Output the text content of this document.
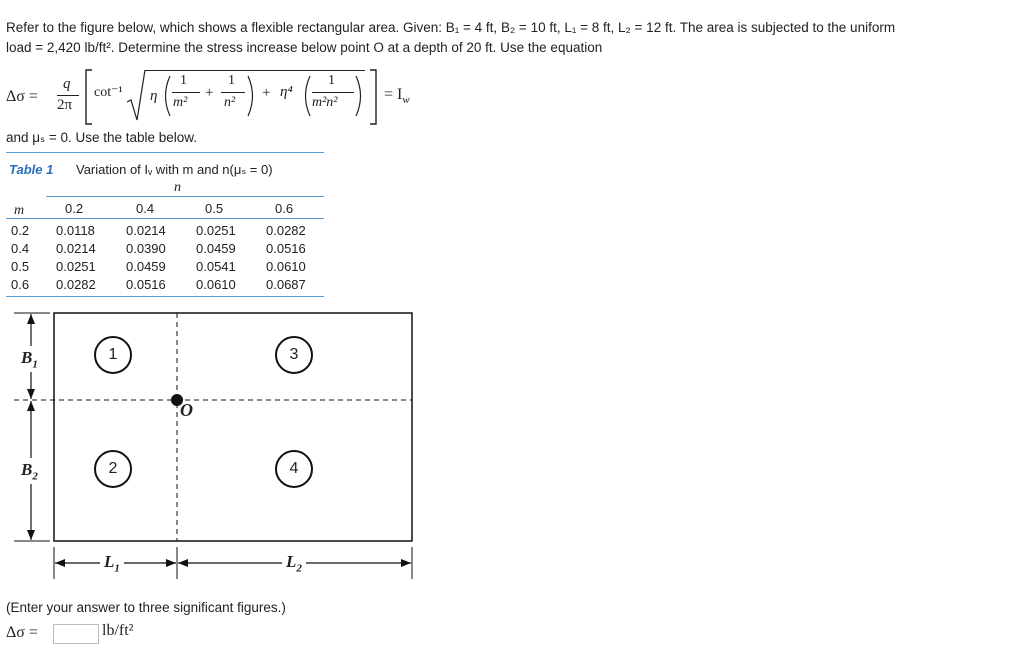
Refer to the figure below, which shows a flexible rectangular area. Given: B₁ = 4 ft, B₂ = 10 ft, L₁ = 8 ft, L₂ = 12 ft. The area is subjected to the uniform
load = 2,420 lb/ft². Determine the stress increase below point O at a depth of 20 ft. Use the equation
Δσ =
q
2π
cot⁻¹ η
1
m²
+
1
n²
+ η⁴
1
m²n²	= $I_w$
and μₛ = 0. Use the table below.
Table 1 Variation of Iᵥ with m and n(μₛ = 0)
n
m	0.2	0.4	0.5	0.6
0.2 0.0118 0.0214 0.0251 0.0282
0.4 0.0214 0.0390 0.0459 0.0516
0.5 0.0251 0.0459 0.0541 0.0610
0.6 0.0282 0.0516 0.0610 0.0687
O
1
2
3
4
$B_1$
$B_2$
$L_1$	$L_2$
(Enter your answer to three significant figures.)
Δσ =	lb/ft²
